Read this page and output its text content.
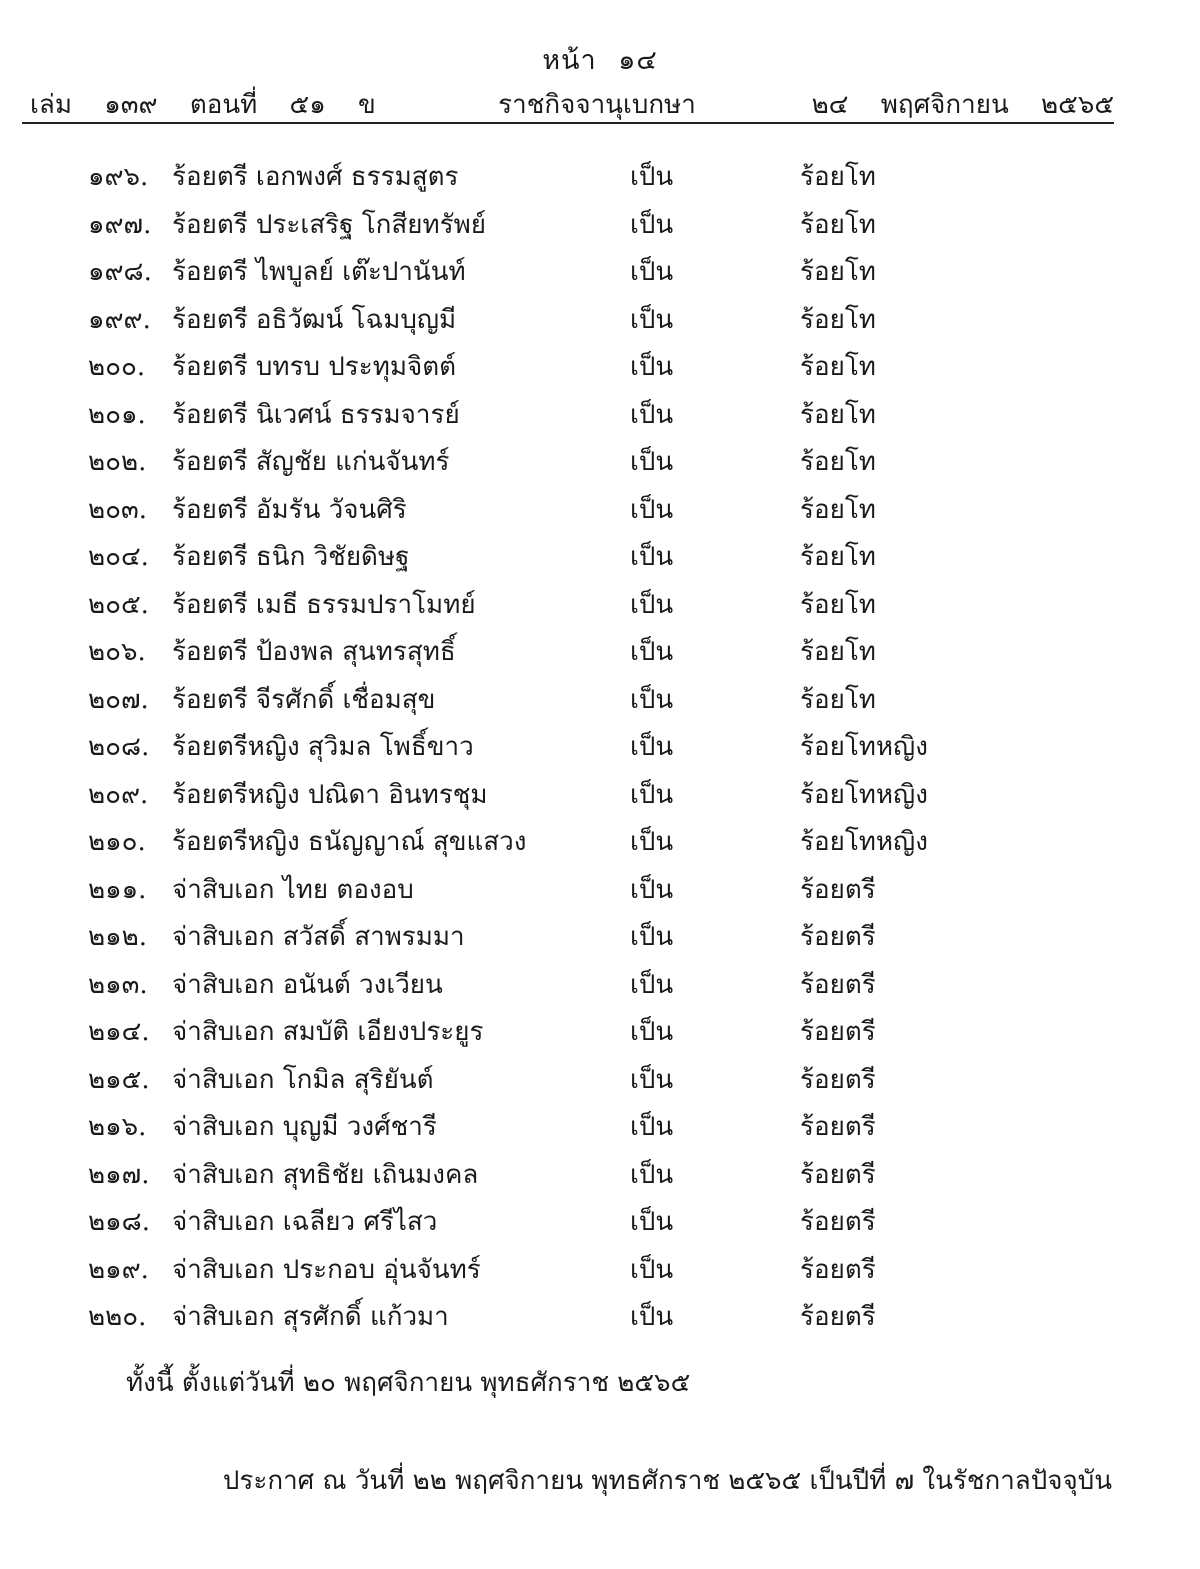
หน้า ๑๔
เล่ม ๑๓๙ ตอนที่ ๕๑ ข	ราชกิจจานุเบกษา	๒๔ พฤศจิกายน ๒๕๖๕
๑๙๖. ร้อยตรี เอกพงศ์ ธรรมสูตร	เป็น	ร้อยโท
๑๙๗. ร้อยตรี ประเสริฐ โกสียทรัพย์	เป็น	ร้อยโท
๑๙๘. ร้อยตรี ไพบูลย์ เต๊ะปานันท์	เป็น	ร้อยโท
๑๙๙. ร้อยตรี อธิวัฒน์ โฉมบุญมี	เป็น	ร้อยโท
๒๐๐.	ร้อยตรี บทรบ ประทุมจิตต์	เป็น	ร้อยโท
๒๐๑.	ร้อยตรี นิเวศน์ ธรรมจารย์	เป็น	ร้อยโท
๒๐๒. ร้อยตรี สัญชัย แก่นจันทร์	เป็น	ร้อยโท
๒๐๓. ร้อยตรี อัมรัน วัจนศิริ	เป็น	ร้อยโท
๒๐๔. ร้อยตรี ธนิก วิชัยดิษฐ	เป็น	ร้อยโท
๒๐๕. ร้อยตรี เมธี ธรรมปราโมทย์	เป็น	ร้อยโท
๒๐๖.	ร้อยตรี ป้องพล สุนทรสุทธิ์	เป็น	ร้อยโท
๒๐๗. ร้อยตรี จีรศักดิ์ เชื่อมสุข	เป็น	ร้อยโท
๒๐๘. ร้อยตรีหญิง สุวิมล โพธิ์ขาว	เป็น	ร้อยโทหญิง
๒๐๙. ร้อยตรีหญิง ปณิดา อินทรชุม	เป็น	ร้อยโทหญิง
๒๑๐.	ร้อยตรีหญิง ธนัญญาณ์ สุขแสวง	เป็น	ร้อยโทหญิง
๒๑๑. จ่าสิบเอก ไทย ตองอบ	เป็น	ร้อยตรี
๒๑๒. จ่าสิบเอก สวัสดิ์ สาพรมมา	เป็น	ร้อยตรี
๒๑๓. จ่าสิบเอก อนันต์ วงเวียน	เป็น	ร้อยตรี
๒๑๔. จ่าสิบเอก สมบัติ เอียงประยูร	เป็น	ร้อยตรี
๒๑๕. จ่าสิบเอก โกมิล สุริยันต์	เป็น	ร้อยตรี
๒๑๖. จ่าสิบเอก บุญมี วงศ์ชารี	เป็น	ร้อยตรี
๒๑๗. จ่าสิบเอก สุทธิชัย เถินมงคล	เป็น	ร้อยตรี
๒๑๘. จ่าสิบเอก เฉลียว ศรีไสว	เป็น	ร้อยตรี
๒๑๙. จ่าสิบเอก ประกอบ อุ่นจันทร์	เป็น	ร้อยตรี
๒๒๐. จ่าสิบเอก สุรศักดิ์ แก้วมา	เป็น	ร้อยตรี
ทั้งนี้ ตั้งแต่วันที่ ๒๐ พฤศจิกายน พุทธศักราช ๒๕๖๕
ประกาศ ณ วันที่ ๒๒ พฤศจิกายน พุทธศักราช ๒๕๖๕ เป็นปีที่ ๗ ในรัชกาลปัจจุบัน
